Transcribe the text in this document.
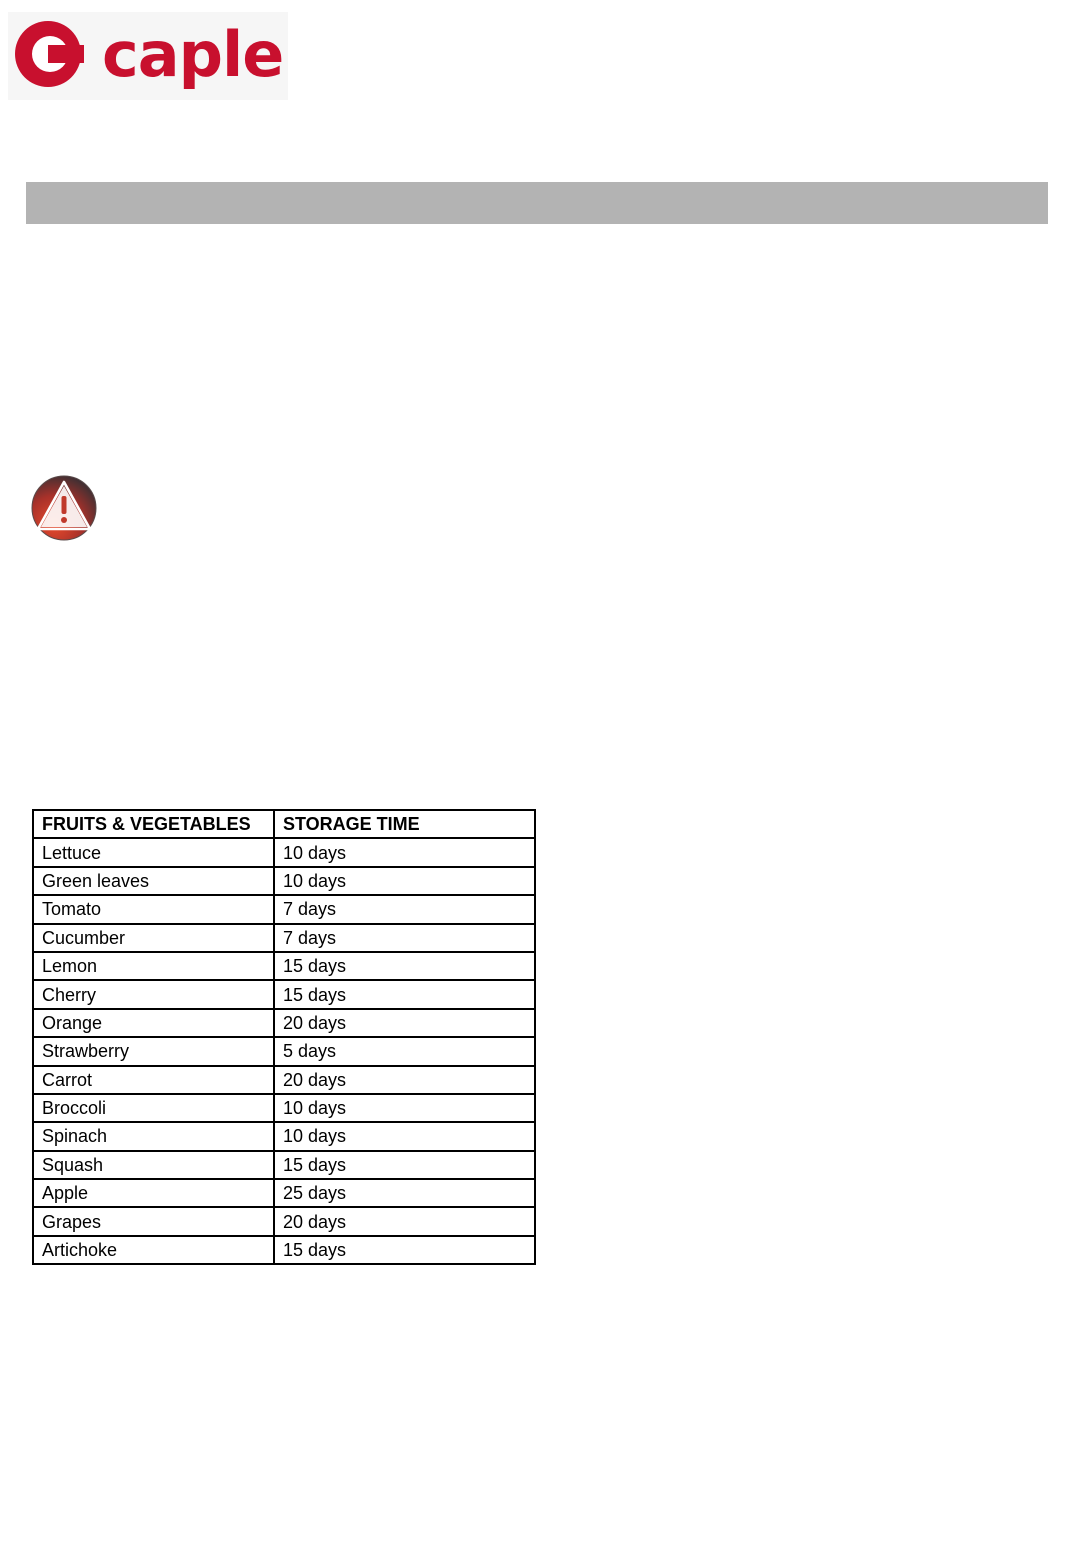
caple
FRUITS & VEGETABLES	STORAGE TIME
Lettuce	10 days
Green leaves	10 days
Tomato	7 days
Cucumber	7 days
Lemon	15 days
Cherry	15 days
Orange	20 days
Strawberry	5 days
Carrot	20 days
Broccoli	10 days
Spinach	10 days
Squash	15 days
Apple	25 days
Grapes	20 days
Artichoke	15 days
